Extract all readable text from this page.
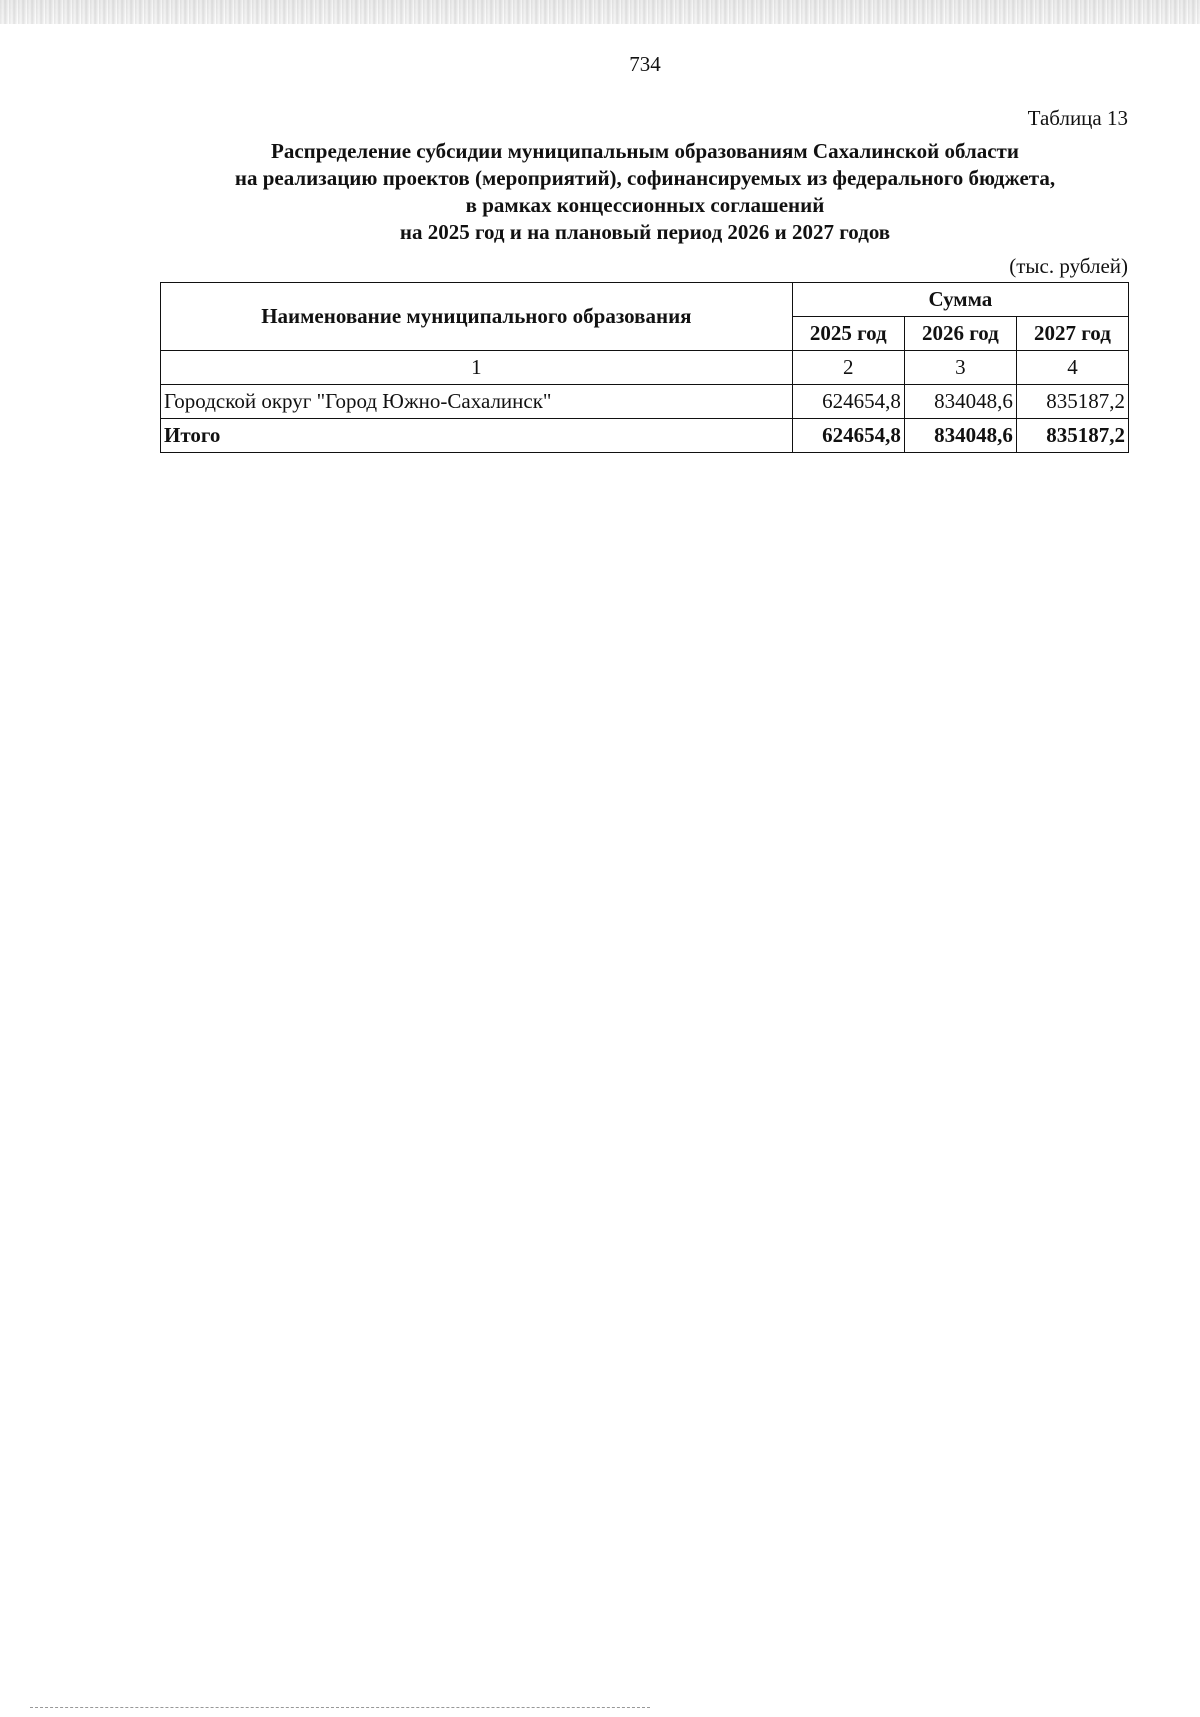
734
Таблица 13
Распределение субсидии муниципальным образованиям Сахалинской области
на реализацию проектов (мероприятий), софинансируемых из федерального бюджета,
в рамках концессионных соглашений
на 2025 год и на плановый период 2026 и 2027 годов
(тыс. рублей)
Наименование муниципального образования	Сумма		
	2025 год	2026 год	2027 год
1	2	3	4
Городской округ "Город Южно-Сахалинск"	624654,8	834048,6	835187,2
Итого	624654,8	834048,6	835187,2
